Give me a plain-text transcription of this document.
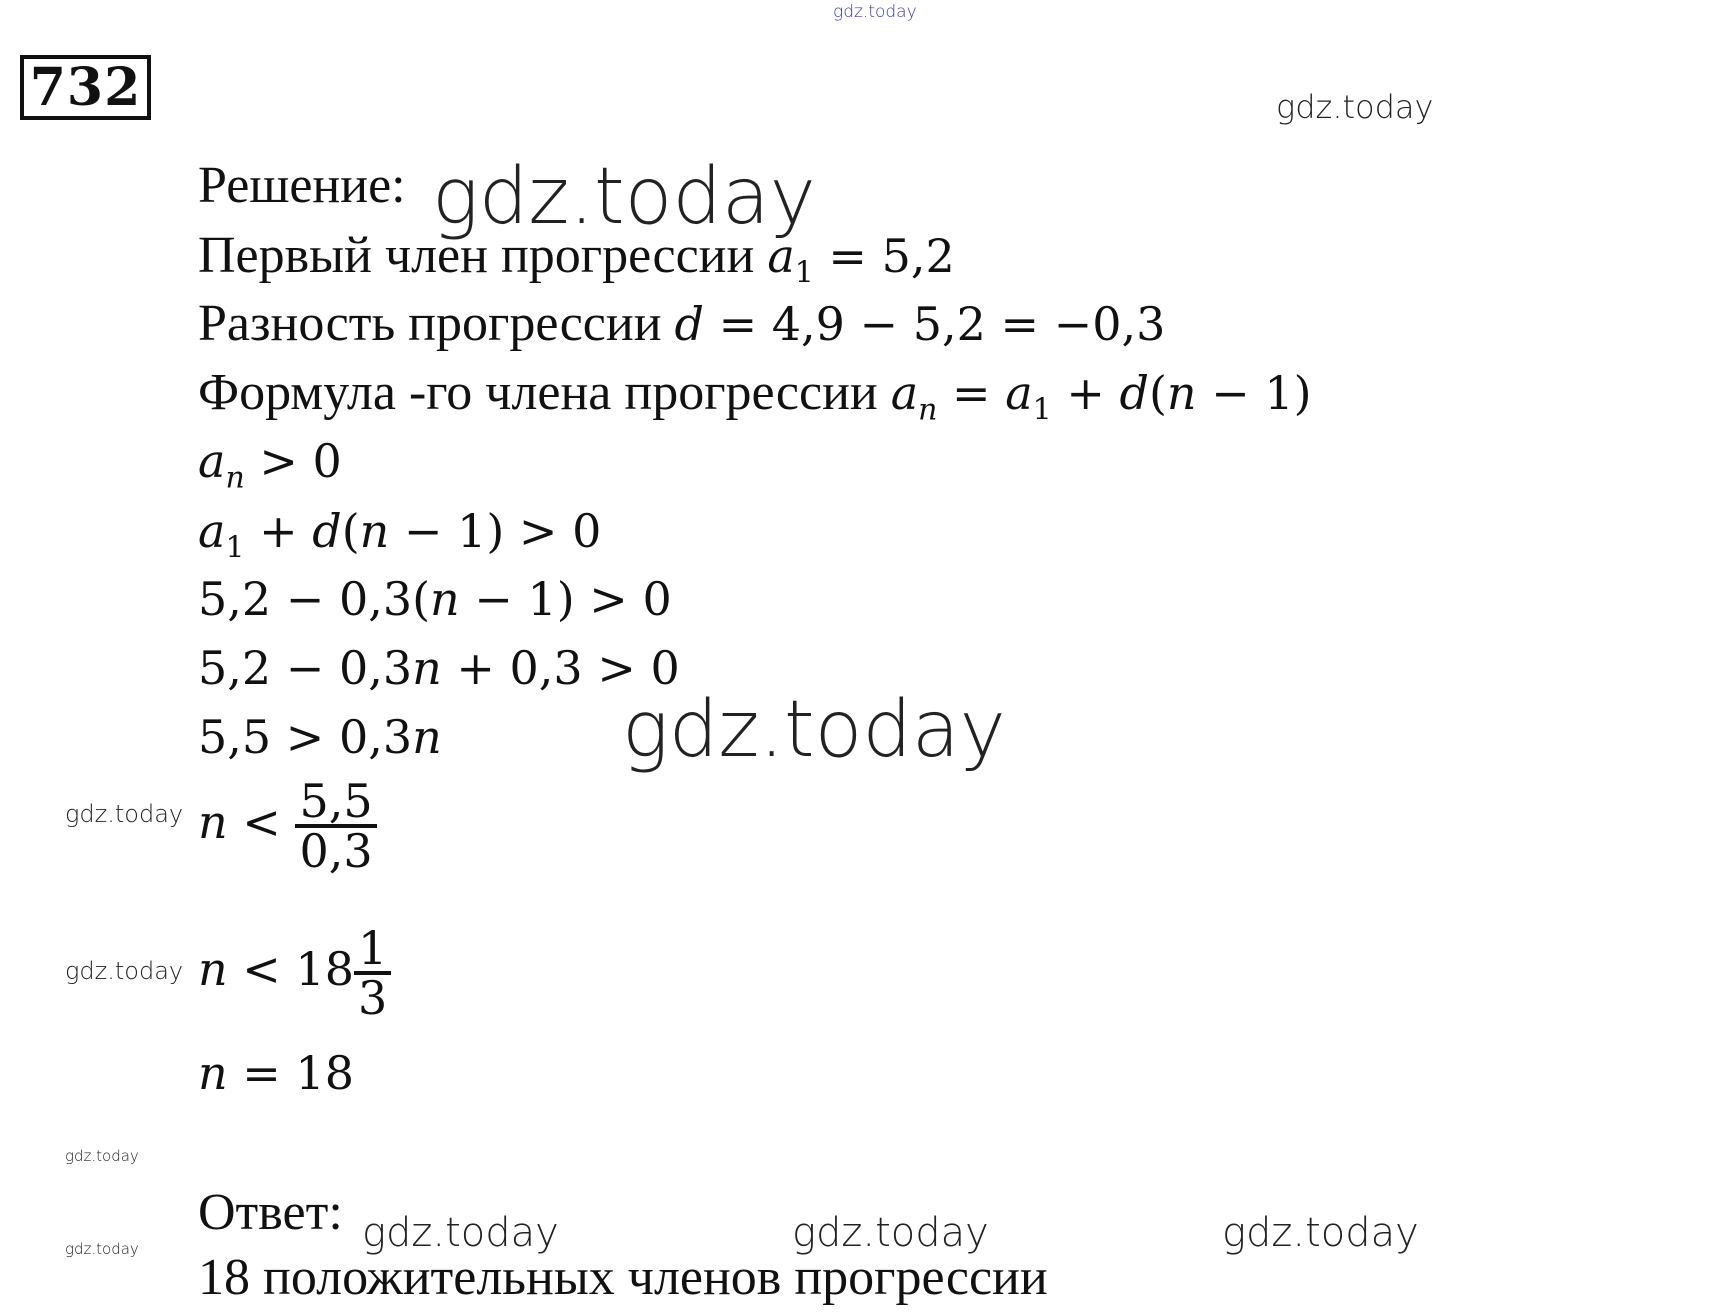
732
gdz.today
gdz.today
gdz.today
gdz.today
gdz.today
gdz.today
gdz.today
gdz.today	gdz.today	gdz.today	gdz.today
Решение:
Первый член прогрессии $a_1 = 5,2$
Разность прогрессии d = 4,9 − 5,2 = −0,3
Формула -го члена прогрессии $a_n = a_1 + d(n - 1)$
$a_n > 0$
$a_1 + d(n - 1) > 0$
5,2 − 0,3(n − 1) > 0
5,2 − 0,3n + 0,3 > 0
5,5 > 0,3n
$n < \frac{5,5}{0,3}$
$n < 18 \frac{1}{3}$
n = 18
Ответ:
18 положительных членов прогрессии
